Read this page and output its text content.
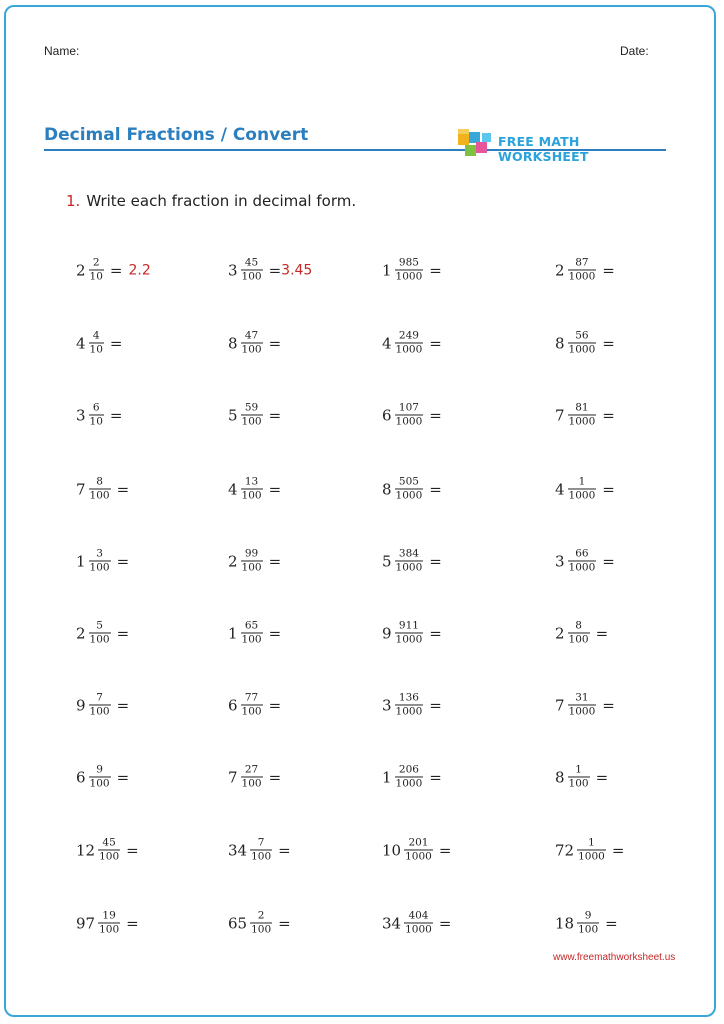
Name:	Date:
Decimal Fractions / Convert	FREE MATH WORKSHEET
1. Write each fraction in decimal form.
$2 \frac{2}{10} = 2.2$	$3 \frac{45}{100} = 3.45$	$1 \frac{985}{1000}$ =	$2 \frac{87}{1000}$ =
$4 \frac{4}{10}$ =	$8 \frac{47}{100}$ =	$4 \frac{249}{1000}$ =	$8 \frac{56}{1000}$ =
$3 \frac{6}{10}$ =	$5 \frac{59}{100}$ =	$6 \frac{107}{1000}$ =	$7 \frac{81}{1000}$ =
$7 \frac{8}{100}$ =	$4 \frac{13}{100}$ =	$8 \frac{505}{1000}$ =	$4 \frac{1}{1000}$ =
$1 \frac{3}{100}$ =	$2 \frac{99}{100}$ =	$5 \frac{384}{1000}$ =	$3 \frac{66}{1000}$ =
$2 \frac{5}{100}$ =	$1 \frac{65}{100}$ =	$9 \frac{911}{1000}$ =	$2 \frac{8}{100}$ =
$9 \frac{7}{100}$ =	$6 \frac{77}{100}$ =	$3 \frac{136}{1000}$ =	$7 \frac{31}{1000}$ =
$6 \frac{9}{100}$ =	$7 \frac{27}{100}$ =	$1 \frac{206}{1000}$ =	$8 \frac{1}{100}$ =
$12 \frac{45}{100}$ =	$34 \frac{7}{100}$ =	$10 \frac{201}{1000}$ =	$72 \frac{1}{1000}$ =
$97 \frac{19}{100}$ =	$65 \frac{2}{100}$ =	$34 \frac{404}{1000}$ =	$18 \frac{9}{100}$ =
www.freemathworksheet.us
